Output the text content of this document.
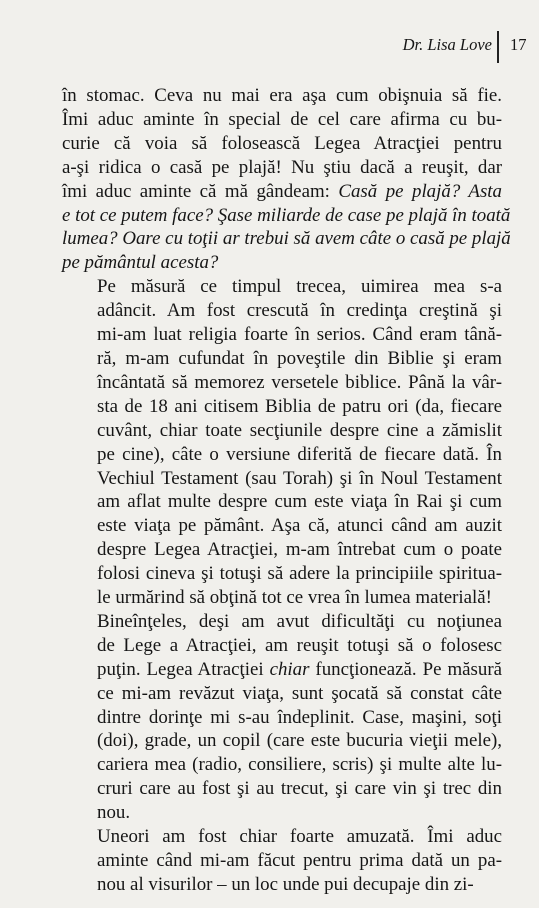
Dr. Lisa Love 17

în stomac. Ceva nu mai era aşa cum obişnuia să fie.
Îmi aduc aminte în special de cel care afirma cu bu-
curie că voia să folosească Legea Atracţiei pentru
a-şi ridica o casă pe plajă! Nu ştiu dacă a reuşit, dar
îmi aduc aminte că mă gândeam: Casă pe plajă? Asta
e tot ce putem face? Şase miliarde de case pe plajă în toată
lumea? Oare cu toţii ar trebui să avem câte o casă pe plajă
pe pământul acesta?

Pe măsură ce timpul trecea, uimirea mea s-a
adâncit. Am fost crescută în credinţa creştină şi
mi-am luat religia foarte în serios. Când eram tână-
ră, m-am cufundat în poveştile din Biblie şi eram
încântată să memorez versetele biblice. Până la vâr-
sta de 18 ani citisem Biblia de patru ori (da, fiecare
cuvânt, chiar toate secţiunile despre cine a zămislit
pe cine), câte o versiune diferită de fiecare dată. În
Vechiul Testament (sau Torah) şi în Noul Testament
am aflat multe despre cum este viaţa în Rai şi cum
este viaţa pe pământ. Aşa că, atunci când am auzit
despre Legea Atracţiei, m-am întrebat cum o poate
folosi cineva şi totuşi să adere la principiile spiritua-
le urmărind să obţină tot ce vrea în lumea materială!

Bineînţeles, deşi am avut dificultăţi cu noţiunea
de Lege a Atracţiei, am reuşit totuşi să o folosesc
puţin. Legea Atracţiei chiar funcţionează. Pe măsură
ce mi-am revăzut viaţa, sunt şocată să constat câte
dintre dorinţe mi s-au îndeplinit. Case, maşini, soţi
(doi), grade, un copil (care este bucuria vieţii mele),
cariera mea (radio, consiliere, scris) şi multe alte lu-
cruri care au fost şi au trecut, şi care vin şi trec din
nou.

Uneori am fost chiar foarte amuzată. Îmi aduc
aminte când mi-am făcut pentru prima dată un pa-
nou al visurilor – un loc unde pui decupaje din zi-
